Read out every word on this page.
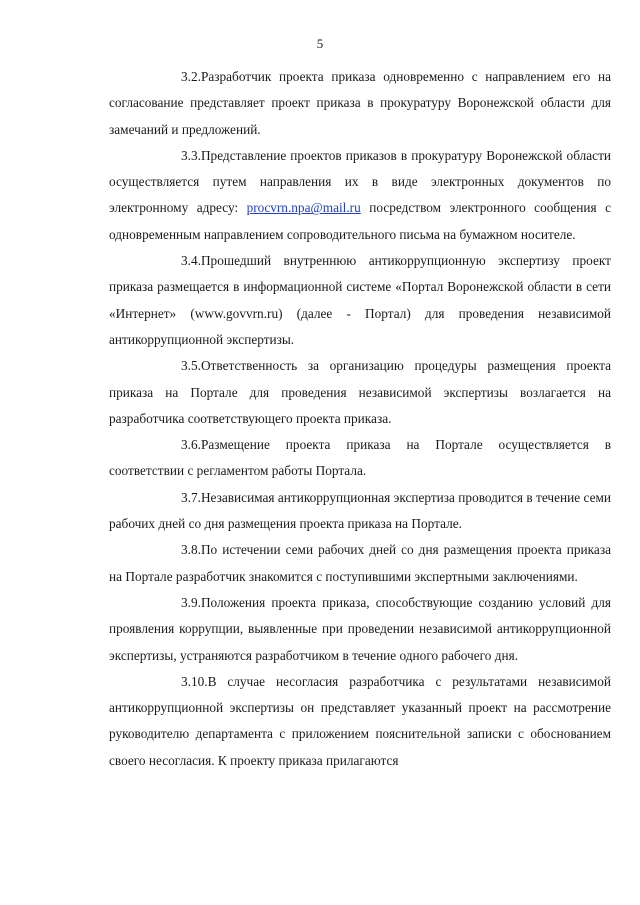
5

3.2.Разработчик проекта приказа одновременно с направлением его на согласование представляет проект приказа в прокуратуру Воронежской области для замечаний и предложений.

3.3.Представление проектов приказов в прокуратуру Воронежской области осуществляется путем направления их в виде электронных документов по электронному адресу: procvrn.npa@mail.ru посредством электронного сообщения с одновременным направлением сопроводительного письма на бумажном носителе.

3.4.Прошедший внутреннюю антикоррупционную экспертизу проект приказа размещается в информационной системе «Портал Воронежской области в сети «Интернет» (www.govvrn.ru) (далее - Портал) для проведения независимой антикоррупционной экспертизы.

3.5.Ответственность за организацию процедуры размещения проекта приказа на Портале для проведения независимой экспертизы возлагается на разработчика соответствующего проекта приказа.

3.6.Размещение проекта приказа на Портале осуществляется в соответствии с регламентом работы Портала.

3.7.Независимая антикоррупционная экспертиза проводится в течение семи рабочих дней со дня размещения проекта приказа на Портале.

3.8.По истечении семи рабочих дней со дня размещения проекта приказа на Портале разработчик знакомится с поступившими экспертными заключениями.

3.9.Положения проекта приказа, способствующие созданию условий для проявления коррупции, выявленные при проведении независимой антикоррупционной экспертизы, устраняются разработчиком в течение одного рабочего дня.

3.10.В случае несогласия разработчика с результатами независимой антикоррупционной экспертизы он представляет указанный проект на рассмотрение руководителю департамента с приложением пояснительной записки с обоснованием своего несогласия. К проекту приказа прилагаются
